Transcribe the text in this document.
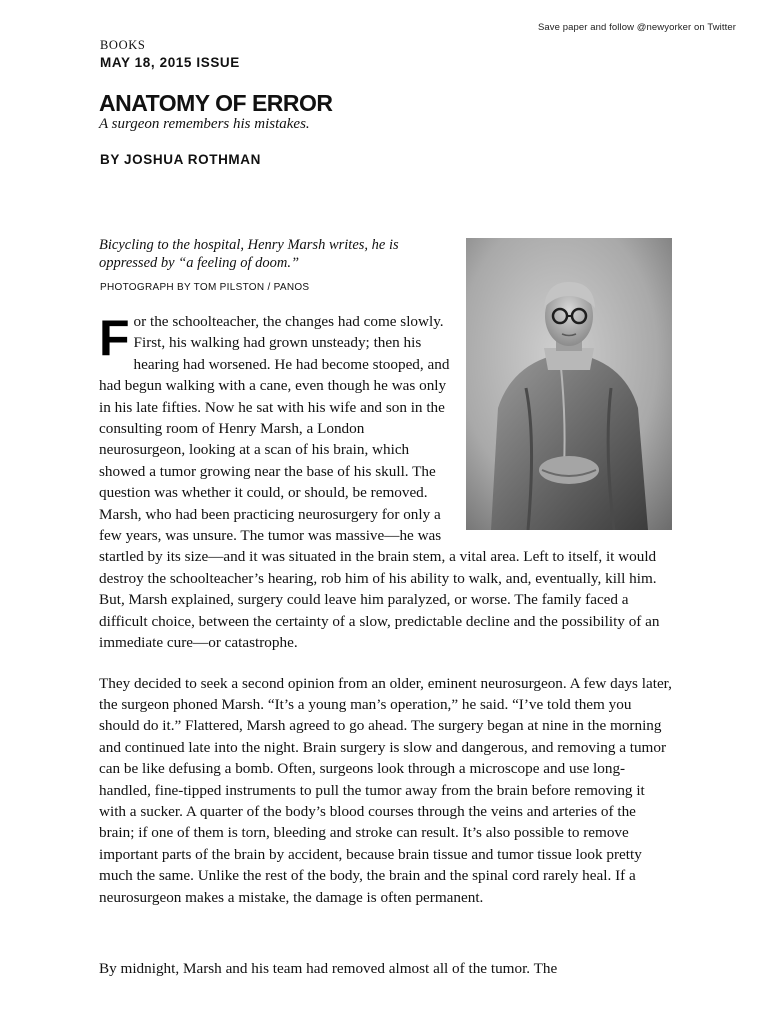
Save paper and follow @newyorker on Twitter
BOOKS
MAY 18, 2015 ISSUE
ANATOMY OF ERROR
A surgeon remembers his mistakes.
BY JOSHUA ROTHMAN
Bicycling to the hospital, Henry Marsh writes, he is oppressed by “a feeling of doom.”
PHOTOGRAPH BY TOM PILSTON / PANOS

For the schoolteacher, the changes had come slowly. First, his walking had grown unsteady; then his hearing had worsened. He had become stooped, and had begun walking with a cane, even though he was only in his late fifties. Now he sat with his wife and son in the consulting room of Henry Marsh, a London neurosurgeon, looking at a scan of his brain, which showed a tumor growing near the base of his skull. The question was whether it could, or should, be removed. Marsh, who had been practicing neurosurgery for only a few years, was unsure. The tumor was massive—he was startled by its size—and it was situated in the brain stem, a vital area. Left to itself, it would destroy the schoolteacher’s hearing, rob him of his ability to walk, and, eventually, kill him. But, Marsh explained, surgery could leave him paralyzed, or worse. The family faced a difficult choice, between the certainty of a slow, predictable decline and the possibility of an immediate cure—or catastrophe.

They decided to seek a second opinion from an older, eminent neurosurgeon. A few days later, the surgeon phoned Marsh. “It’s a young man’s operation,” he said. “I’ve told them you should do it.” Flattered, Marsh agreed to go ahead. The surgery began at nine in the morning and continued late into the night. Brain surgery is slow and dangerous, and removing a tumor can be like defusing a bomb. Often, surgeons look through a microscope and use long-handled, fine-tipped instruments to pull the tumor away from the brain before removing it with a sucker. A quarter of the body’s blood courses through the veins and arteries of the brain; if one of them is torn, bleeding and stroke can result. It’s also possible to remove important parts of the brain by accident, because brain tissue and tumor tissue look pretty much the same. Unlike the rest of the body, the brain and the spinal cord rarely heal. If a neurosurgeon makes a mistake, the damage is often permanent.

By midnight, Marsh and his team had removed almost all of the tumor. The
